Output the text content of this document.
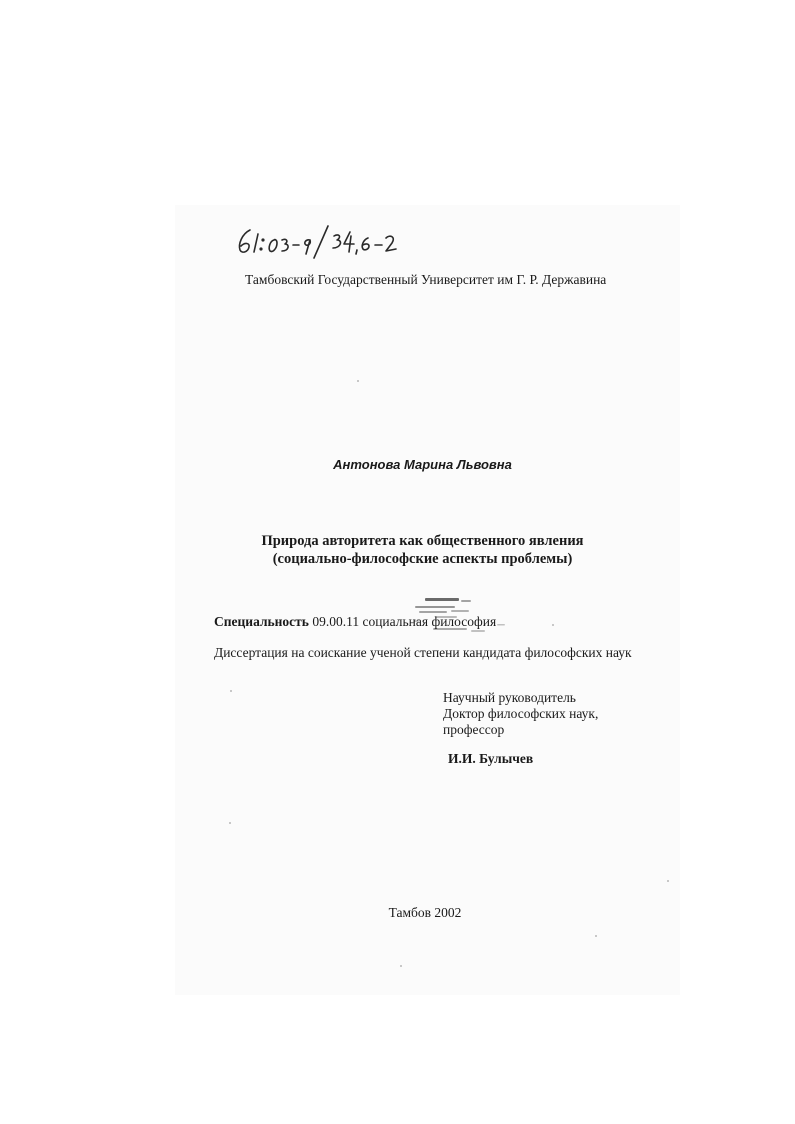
Тамбовский Государственный Университет им Г. Р. Державина
Антонова Марина Львовна
Природа авторитета как общественного явления
(социально-философские аспекты проблемы)
Специальность 09.00.11 социальная философия
Диссертация на соискание ученой степени кандидата философских наук
Научный руководитель
Доктор философских наук,
профессор
И.И. Булычев
Тамбов 2002
